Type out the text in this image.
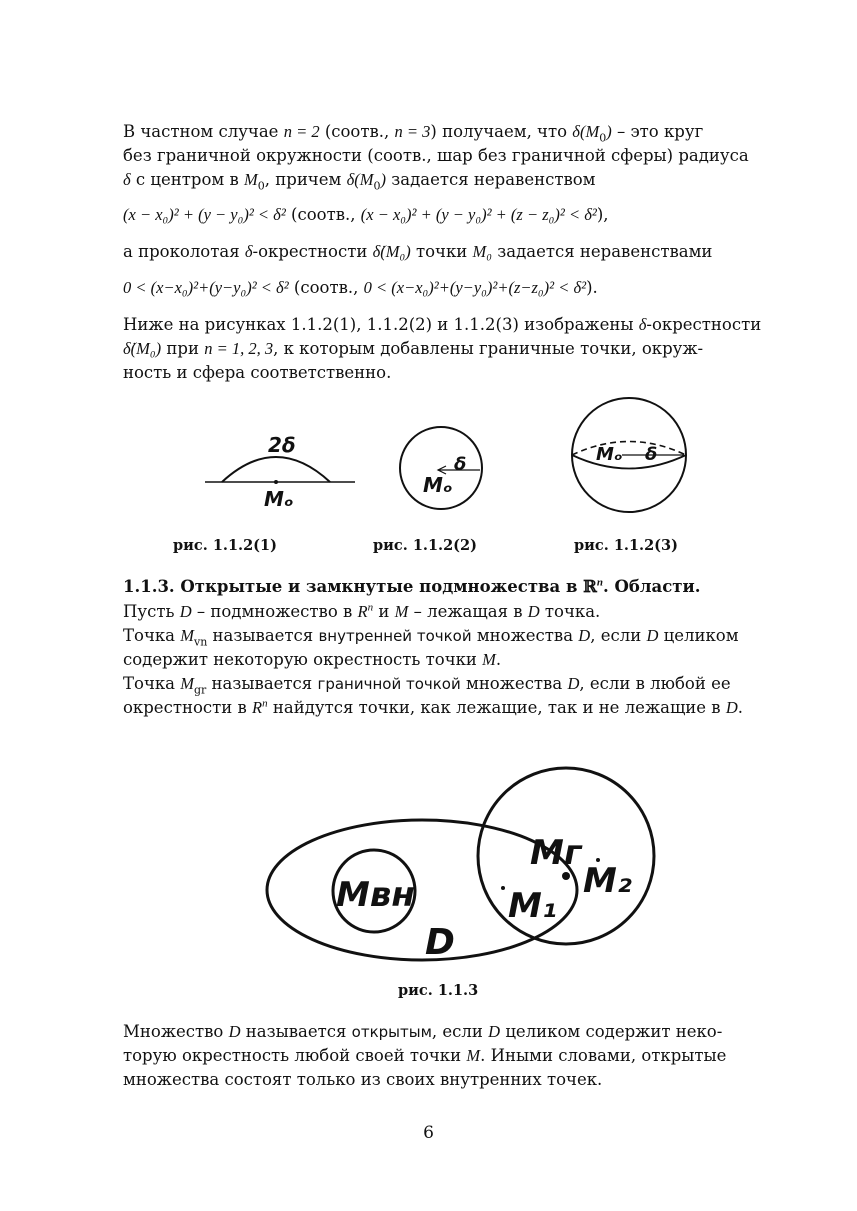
В частном случае n = 2 (соотв., n = 3) получаем, что $\delta(M_0)$ – это круг
без граничной окружности (соотв., шар без граничной сферы) радиуса
δ с центром в $M_0$, причем $\delta(M_0)$ задается неравенством
(x − x₀)² + (y − y₀)² < δ² (соотв., (x − x₀)² + (y − y₀)² + (z − z₀)² < δ²),
а проколотая δ-окрестности δ̇(M₀) точки M₀ задается неравенствами
0 < (x−x₀)²+(y−y₀)² < δ² (соотв., 0 < (x−x₀)²+(y−y₀)²+(z−z₀)² < δ²).
Ниже на рисунках 1.1.2(1), 1.1.2(2) и 1.1.2(3) изображены δ-окрестности
δ̇(M₀) при n = 1, 2, 3, к которым добавлены граничные точки, окруж-
ность и сфера соответственно.
2δ
Mₒ
δ
Mₒ
Mₒ δ
рис. 1.1.2(1)	рис. 1.1.2(2)	рис. 1.1.2(3)
1.1.3. Открытые и замкнутые подмножества в ℝ$^n$. Области.
Пусть D – подмножество в $R^n$ и M – лежащая в D точка.
Точка $M_{vn}$ называется внутренней точкой множества D, если D целиком
содержит некоторую окрестность точки M.
Точка $M_{gr}$ называется граничной точкой множества D, если в любой ее
окрестности в $R^n$ найдутся точки, как лежащие, так и не лежащие в D.
Mвн
D
Mг
M₁
M₂
рис. 1.1.3
Множество D называется открытым, если D целиком содержит неко-
торую окрестность любой своей точки M. Иными словами, открытые
множества состоят только из своих внутренних точек.
6
